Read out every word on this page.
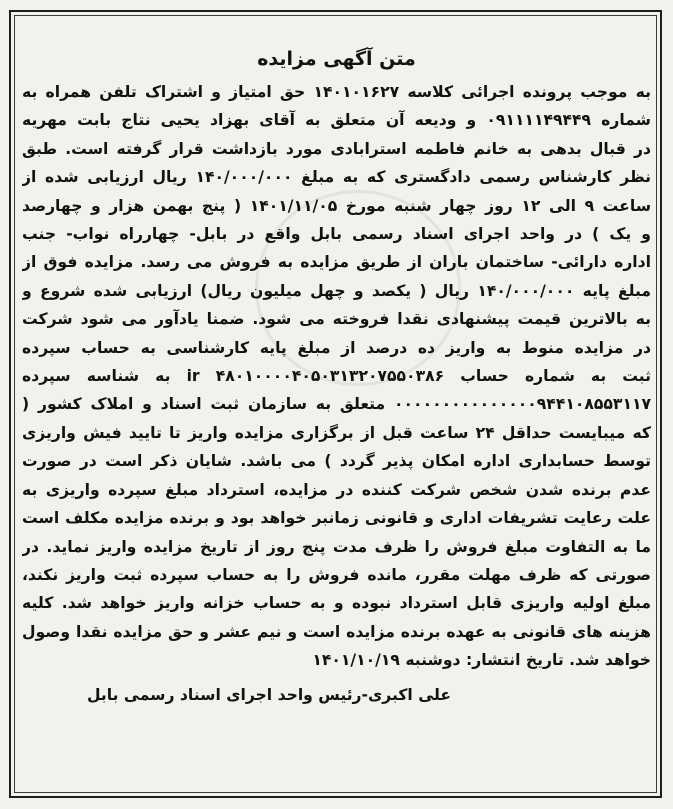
متن آگهی مزایده

به موجب پرونده اجرائی کلاسه ۱۴۰۱۰۱۶۲۷ حق امتیاز و اشتراک تلفن همراه به
شماره ۰۹۱۱۱۱۴۹۴۴۹ و ودیعه آن متعلق به آقای بهزاد یحیی نتاج بابت مهریه
در قبال بدهی به خانم فاطمه استرابادی مورد بازداشت قرار گرفته است. طبق
نظر کارشناس رسمی دادگستری که به مبلغ ۱۴۰/۰۰۰/۰۰۰ ریال ارزیابی شده از
ساعت ۹ الی ۱۲ روز چهار شنبه مورخ ۱۴۰۱/۱۱/۰۵ ( پنج بهمن هزار و چهارصد
و یک ) در واحد اجرای اسناد رسمی بابل واقع در بابل- چهارراه نواب- جنب
اداره دارائی- ساختمان باران از طریق مزایده به فروش می رسد. مزایده فوق از
مبلغ پایه ۱۴۰/۰۰۰/۰۰۰ ریال ( یکصد و چهل میلیون ریال) ارزیابی شده شروع و
به بالاترین قیمت پیشنهادی نقدا فروخته می شود. ضمنا یادآور می شود شرکت
در مزایده منوط به واریز ده درصد از مبلغ پایه کارشناسی به حساب سپرده
ثبت به شماره حساب ir ۴۸۰۱۰۰۰۰۴۰۵۰۳۱۳۲۰۷۵۵۰۳۸۶ به شناسه سپرده
۰۰۰۰۰۰۰۰۰۰۰۰۰۰۰۹۴۴۱۰۸۵۵۳۱۱۷ متعلق به سازمان ثبت اسناد و املاک کشور (
که میبایست حداقل ۲۴ ساعت قبل از برگزاری مزایده واریز تا تایید فیش واریزی
توسط حسابداری اداره امکان پذیر گردد ) می باشد. شایان ذکر است در صورت
عدم برنده شدن شخص شرکت کننده در مزایده، استرداد مبلغ سپرده واریزی به
علت رعایت تشریفات اداری و قانونی زمانبر خواهد بود و برنده مزایده مکلف است
ما به التفاوت مبلغ فروش را ظرف مدت پنج روز از تاریخ مزایده واریز نماید. در
صورتی که ظرف مهلت مقرر، مانده فروش را به حساب سپرده ثبت واریز نکند،
مبلغ اولیه واریزی قابل استرداد نبوده و به حساب خزانه واریز خواهد شد. کلیه
هزینه های قانونی به عهده برنده مزایده است و نیم عشر و حق مزایده نقدا وصول
خواهد شد. تاریخ انتشار: دوشنبه ۱۴۰۱/۱۰/۱۹

علی اکبری-رئیس واحد اجرای اسناد رسمی بابل
